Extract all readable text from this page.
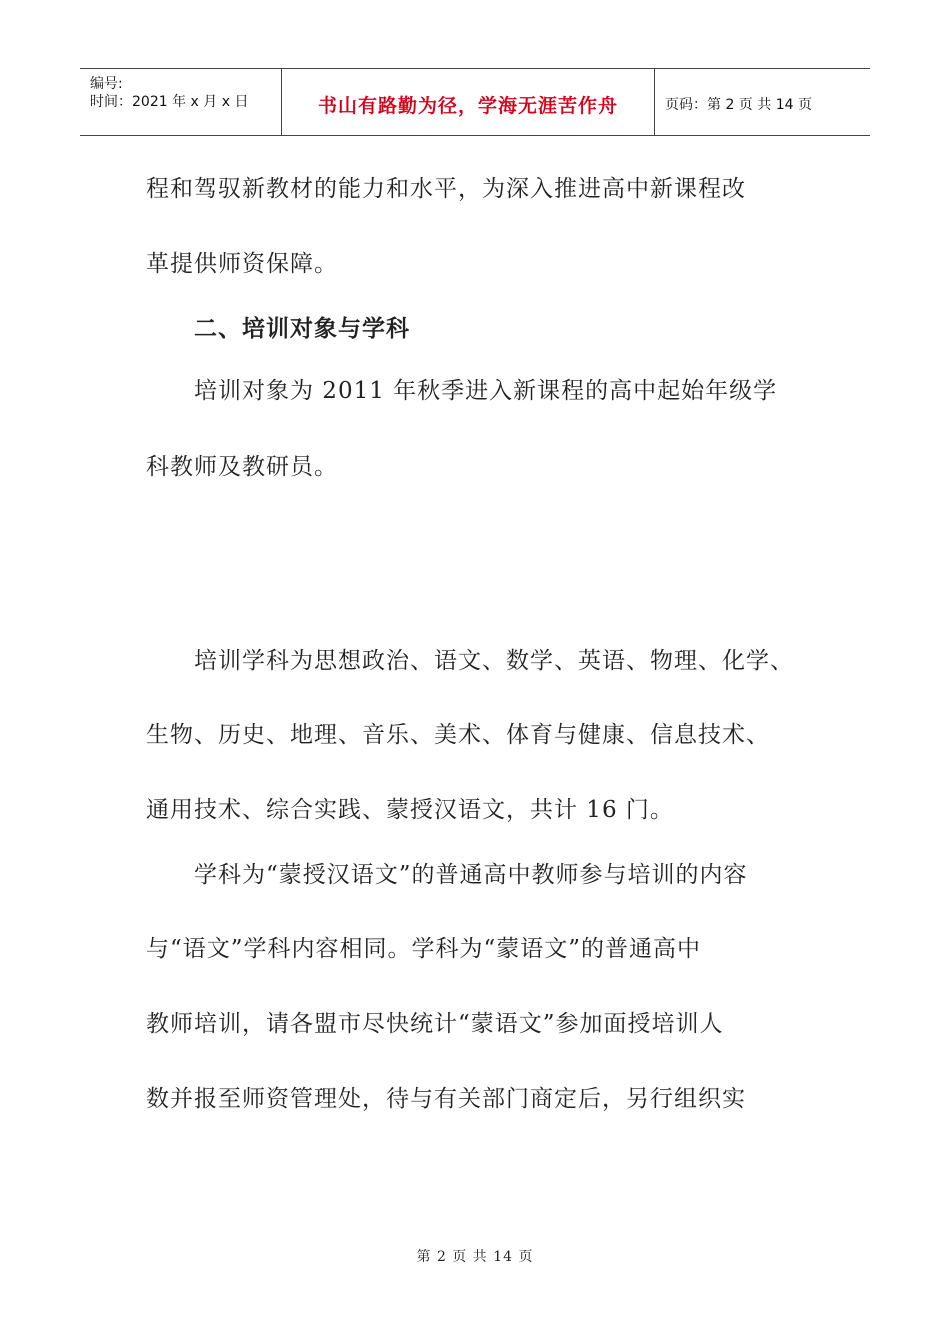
编号:
时间：2021 年 x 月 x 日	书山有路勤为径，学海无涯苦作舟	页码：第 2 页 共 14 页
程和驾驭新教材的能力和水平，为深入推进高中新课程改
革提供师资保障。
二、培训对象与学科
培训对象为 2011 年秋季进入新课程的高中起始年级学
科教师及教研员。
培训学科为思想政治、语文、数学、英语、物理、化学、
生物、历史、地理、音乐、美术、体育与健康、信息技术、
通用技术、综合实践、蒙授汉语文，共计 16 门。
学科为“蒙授汉语文”的普通高中教师参与培训的内容
与“语文”学科内容相同。学科为“蒙语文”的普通高中
教师培训，请各盟市尽快统计“蒙语文”参加面授培训人
数并报至师资管理处，待与有关部门商定后，另行组织实
第 2 页 共 14 页
